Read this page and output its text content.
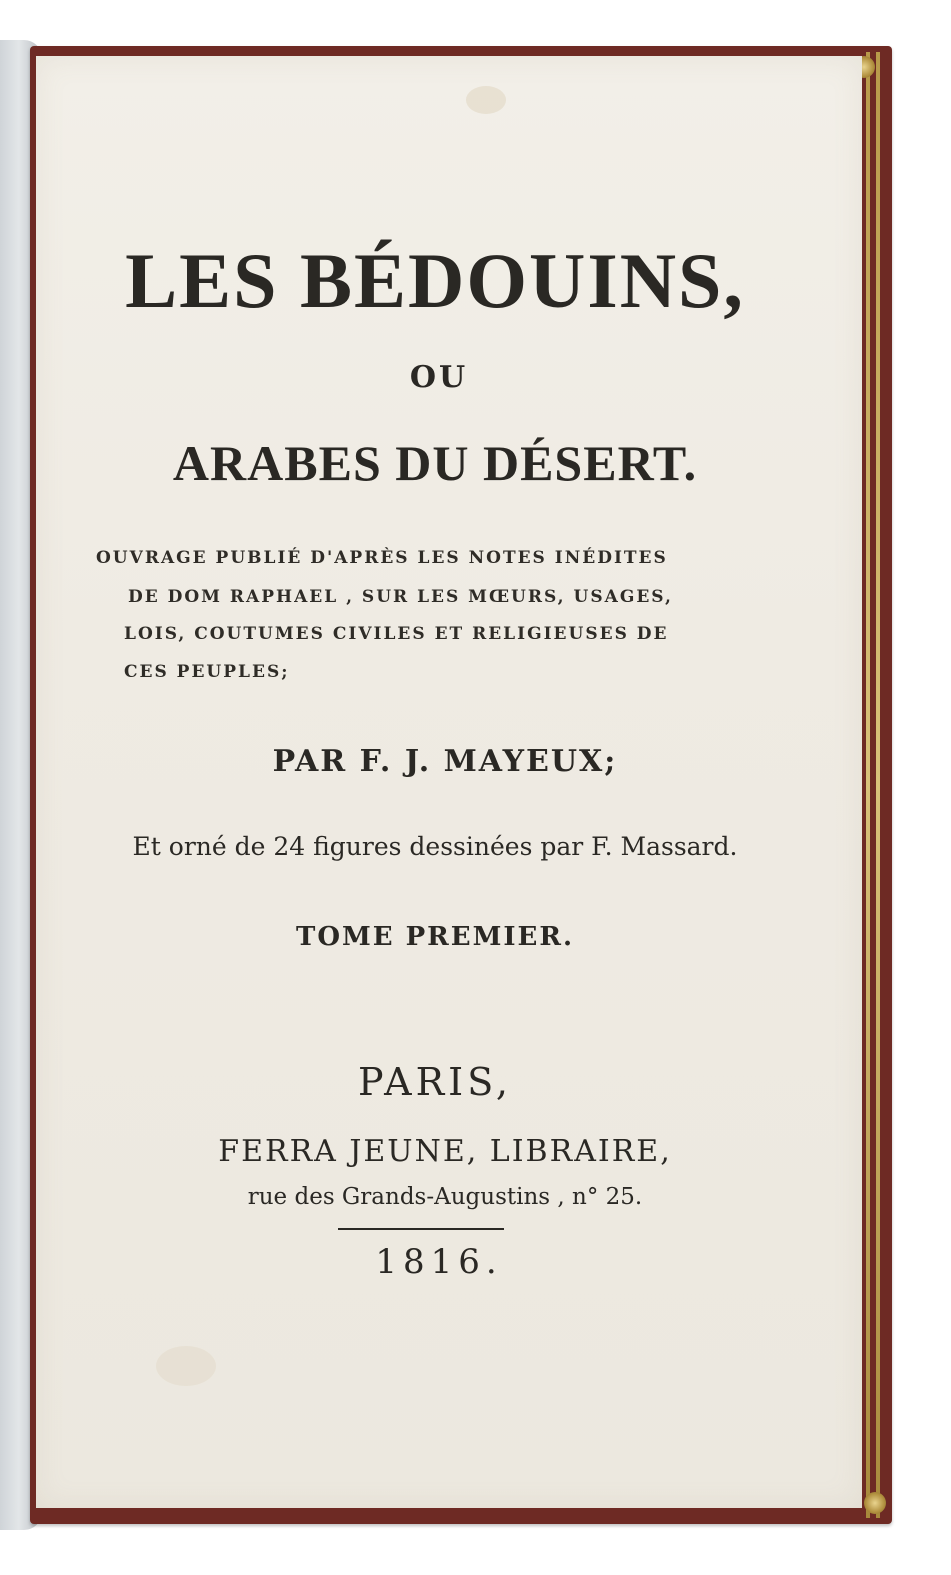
LES BÉDOUINS,
OU
ARABES DU DÉSERT.
OUVRAGE PUBLIÉ D'APRÈS LES NOTES INÉDITES
DE DOM RAPHAEL , SUR LES MŒURS, USAGES,
LOIS, COUTUMES CIVILES ET RELIGIEUSES DE
CES PEUPLES;
PAR F. J. MAYEUX;
Et orné de 24 figures dessinées par F. Massard.
TOME PREMIER.
PARIS,
FERRA JEUNE, LIBRAIRE,
rue des Grands-Augustins , n° 25.
1816.
